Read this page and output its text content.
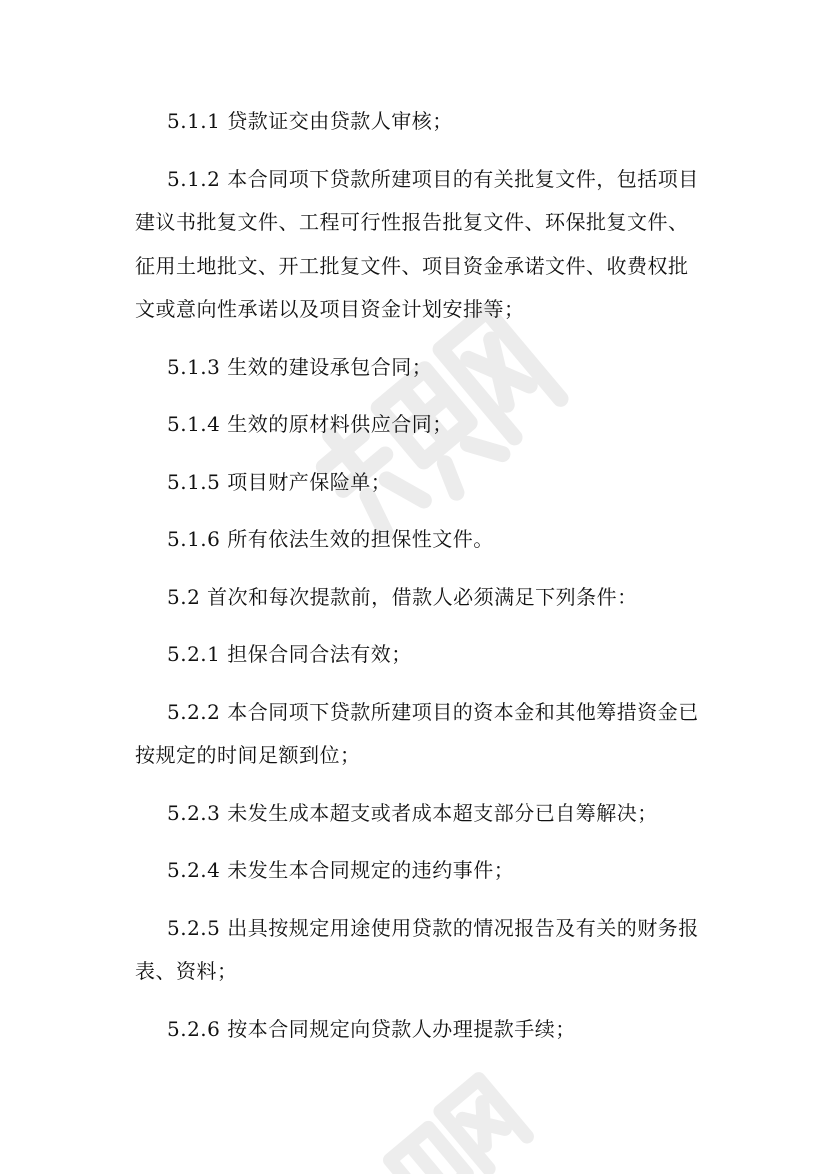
5.1.1 贷款证交由贷款人审核；

5.1.2 本合同项下贷款所建项目的有关批复文件，包括项目建议书批复文件、工程可行性报告批复文件、环保批复文件、征用土地批文、开工批复文件、项目资金承诺文件、收费权批文或意向性承诺以及项目资金计划安排等；

5.1.3 生效的建设承包合同；

5.1.4 生效的原材料供应合同；

5.1.5 项目财产保险单；

5.1.6 所有依法生效的担保性文件。

5.2 首次和每次提款前，借款人必须满足下列条件：

5.2.1 担保合同合法有效；

5.2.2 本合同项下贷款所建项目的资本金和其他筹措资金已按规定的时间足额到位；

5.2.3 未发生成本超支或者成本超支部分已自筹解决；

5.2.4 未发生本合同规定的违约事件；

5.2.5 出具按规定用途使用贷款的情况报告及有关的财务报表、资料；

5.2.6 按本合同规定向贷款人办理提款手续；
